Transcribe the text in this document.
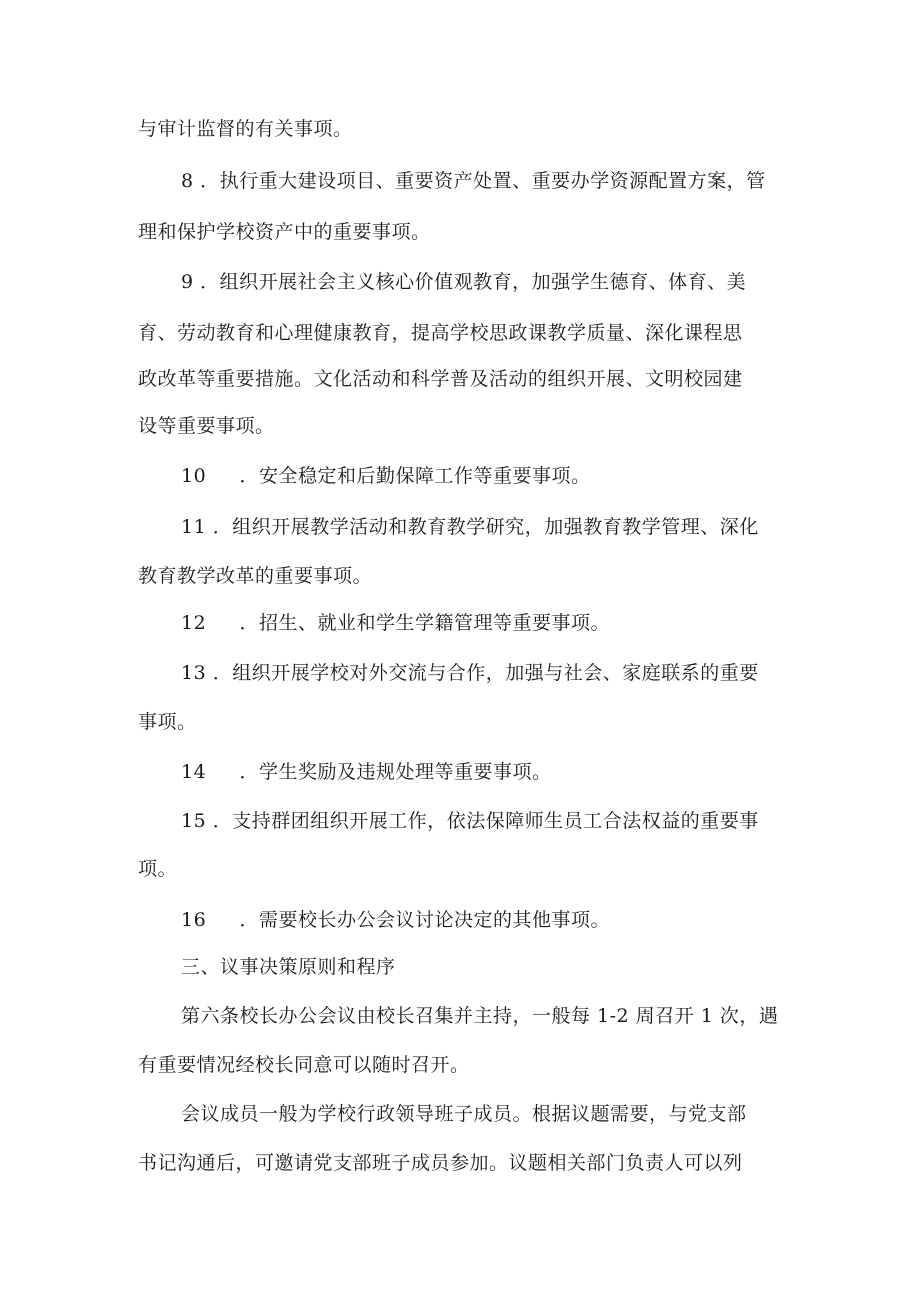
与审计监督的有关事项。
8 ．执行重大建设项目、重要资产处置、重要办学资源配置方案，管
理和保护学校资产中的重要事项。
9 ．组织开展社会主义核心价值观教育，加强学生德育、体育、美
育、劳动教育和心理健康教育，提高学校思政课教学质量、深化课程思
政改革等重要措施。文化活动和科学普及活动的组织开展、文明校园建
设等重要事项。
10 ．安全稳定和后勤保障工作等重要事项。
11 ．组织开展教学活动和教育教学研究，加强教育教学管理、深化
教育教学改革的重要事项。
12 ．招生、就业和学生学籍管理等重要事项。
13 ．组织开展学校对外交流与合作，加强与社会、家庭联系的重要
事项。
14 ．学生奖励及违规处理等重要事项。
15 ．支持群团组织开展工作，依法保障师生员工合法权益的重要事
项。
16 ．需要校长办公会议讨论决定的其他事项。
三、议事决策原则和程序
第六条校长办公会议由校长召集并主持，一般每 1-2 周召开 1 次，遇
有重要情况经校长同意可以随时召开。
会议成员一般为学校行政领导班子成员。根据议题需要，与党支部
书记沟通后，可邀请党支部班子成员参加。议题相关部门负责人可以列
